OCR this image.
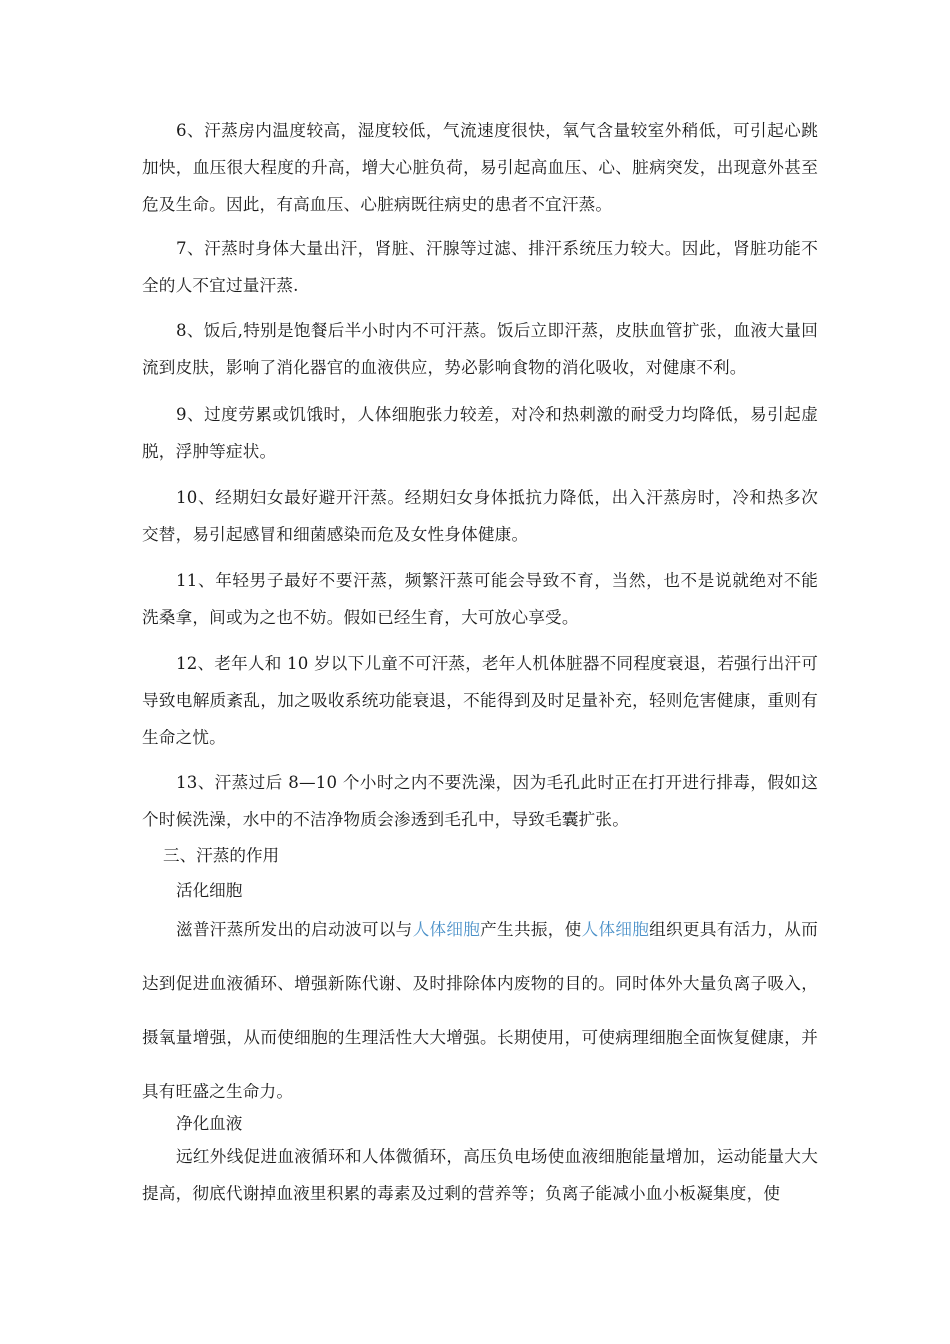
6、汗蒸房内温度较高，湿度较低，气流速度很快，氧气含量较室外稍低，可引起心跳加快，血压很大程度的升高，增大心脏负荷，易引起高血压、心、脏病突发，出现意外甚至危及生命。因此，有高血压、心脏病既往病史的患者不宜汗蒸。

7、汗蒸时身体大量出汗，肾脏、汗腺等过滤、排汗系统压力较大。因此，肾脏功能不全的人不宜过量汗蒸.

8、饭后,特别是饱餐后半小时内不可汗蒸。饭后立即汗蒸，皮肤血管扩张，血液大量回流到皮肤，影响了消化器官的血液供应，势必影响食物的消化吸收，对健康不利。

9、过度劳累或饥饿时，人体细胞张力较差，对冷和热刺激的耐受力均降低，易引起虚脱，浮肿等症状。

10、经期妇女最好避开汗蒸。经期妇女身体抵抗力降低，出入汗蒸房时，冷和热多次交替，易引起感冒和细菌感染而危及女性身体健康。

11、年轻男子最好不要汗蒸，频繁汗蒸可能会导致不育，当然，也不是说就绝对不能洗桑拿，间或为之也不妨。假如已经生育，大可放心享受。

12、老年人和 10 岁以下儿童不可汗蒸，老年人机体脏器不同程度衰退，若强行出汗可导致电解质紊乱，加之吸收系统功能衰退，不能得到及时足量补充，轻则危害健康，重则有生命之忧。

13、汗蒸过后 8—10 个小时之内不要洗澡，因为毛孔此时正在打开进行排毒，假如这个时候洗澡，水中的不洁净物质会渗透到毛孔中，导致毛囊扩张。

三、汗蒸的作用
活化细胞

滋普汗蒸所发出的启动波可以与人体细胞产生共振，使人体细胞组织更具有活力，从而达到促进血液循环、增强新陈代谢、及时排除体内废物的目的。同时体外大量负离子吸入，摄氧量增强，从而使细胞的生理活性大大增强。长期使用，可使病理细胞全面恢复健康，并具有旺盛之生命力。

净化血液

远红外线促进血液循环和人体微循环，高压负电场使血液细胞能量增加，运动能量大大提高，彻底代谢掉血液里积累的毒素及过剩的营养等；负离子能减小血小板凝集度，使
